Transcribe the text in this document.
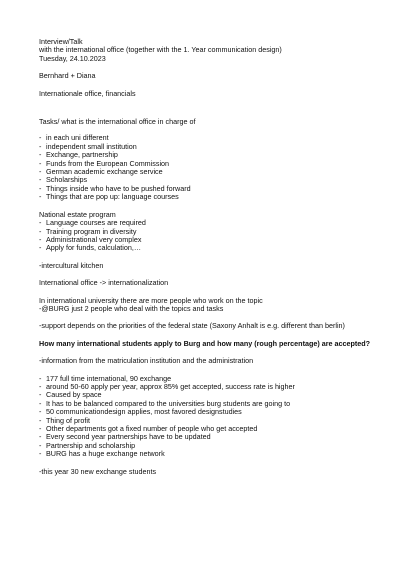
Interview/Talk
with the international office (together with the 1. Year communication design)
Tuesday, 24.10.2023
Bernhard + Diana
Internationale office, financials
Tasks/ what is the international office in charge of
- in each uni different
- independent small institution
- Exchange, partnership
- Funds from the European Commission
- German academic exchange service
- Scholarships
- Things inside who have to be pushed forward
- Things that are pop up: language courses
National estate program
- Language courses are required
- Training program in diversity
- Administrational very complex
- Apply for funds, calculation,…
-intercultural kitchen
International office -> internationalization
In international university there are more people who work on the topic
-@BURG just 2 people who deal with the topics and tasks
-support depends on the priorities of the federal state (Saxony Anhalt is e.g. different than berlin)
How many international students apply to Burg and how many (rough percentage) are accepted?
-information from the matriculation institution and the administration
- 177 full time international, 90 exchange
- around 50-60 apply per year, approx 85% get accepted, success rate is higher
- Caused by space
- It has to be balanced compared to the universities burg students are going to
- 50 communicationdesign applies, most favored designstudies
- Thing of profit
- Other departments got a fixed number of people who get accepted
- Every second year partnerships have to be updated
- Partnership and scholarship
- BURG has a huge exchange network
-this year 30 new exchange students
